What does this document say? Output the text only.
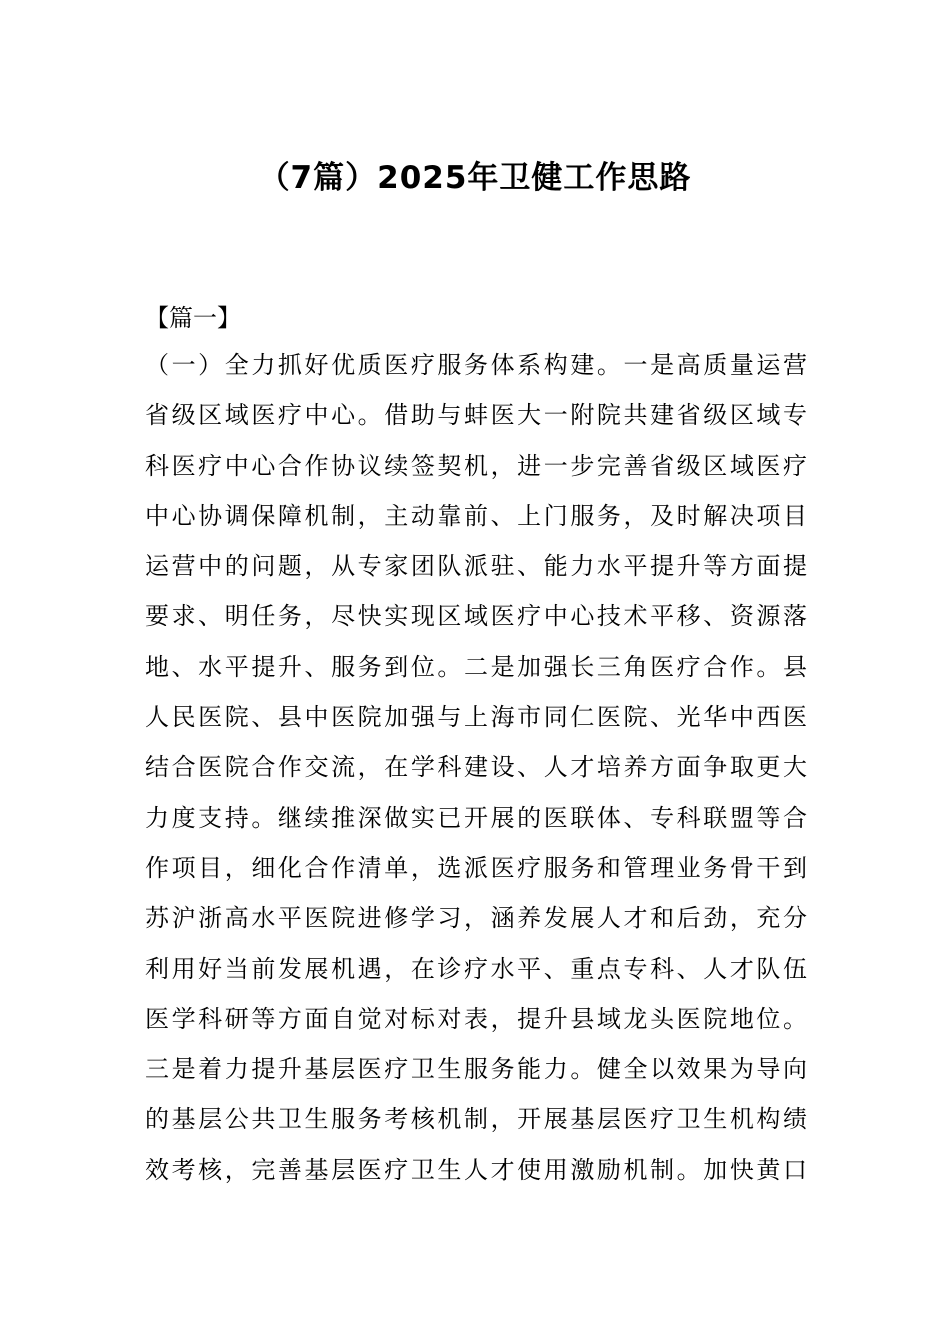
（7篇）2025年卫健工作思路

【篇一】

（一）全力抓好优质医疗服务体系构建。一是高质量运营
省级区域医疗中心。借助与蚌医大一附院共建省级区域专
科医疗中心合作协议续签契机，进一步完善省级区域医疗
中心协调保障机制，主动靠前、上门服务，及时解决项目
运营中的问题，从专家团队派驻、能力水平提升等方面提
要求、明任务，尽快实现区域医疗中心技术平移、资源落
地、水平提升、服务到位。二是加强长三角医疗合作。县
人民医院、县中医院加强与上海市同仁医院、光华中西医
结合医院合作交流，在学科建设、人才培养方面争取更大
力度支持。继续推深做实已开展的医联体、专科联盟等合
作项目，细化合作清单，选派医疗服务和管理业务骨干到
苏沪浙高水平医院进修学习，涵养发展人才和后劲，充分
利用好当前发展机遇，在诊疗水平、重点专科、人才队伍
医学科研等方面自觉对标对表，提升县域龙头医院地位。
三是着力提升基层医疗卫生服务能力。健全以效果为导向
的基层公共卫生服务考核机制，开展基层医疗卫生机构绩
效考核，完善基层医疗卫生人才使用激励机制。加快黄口
